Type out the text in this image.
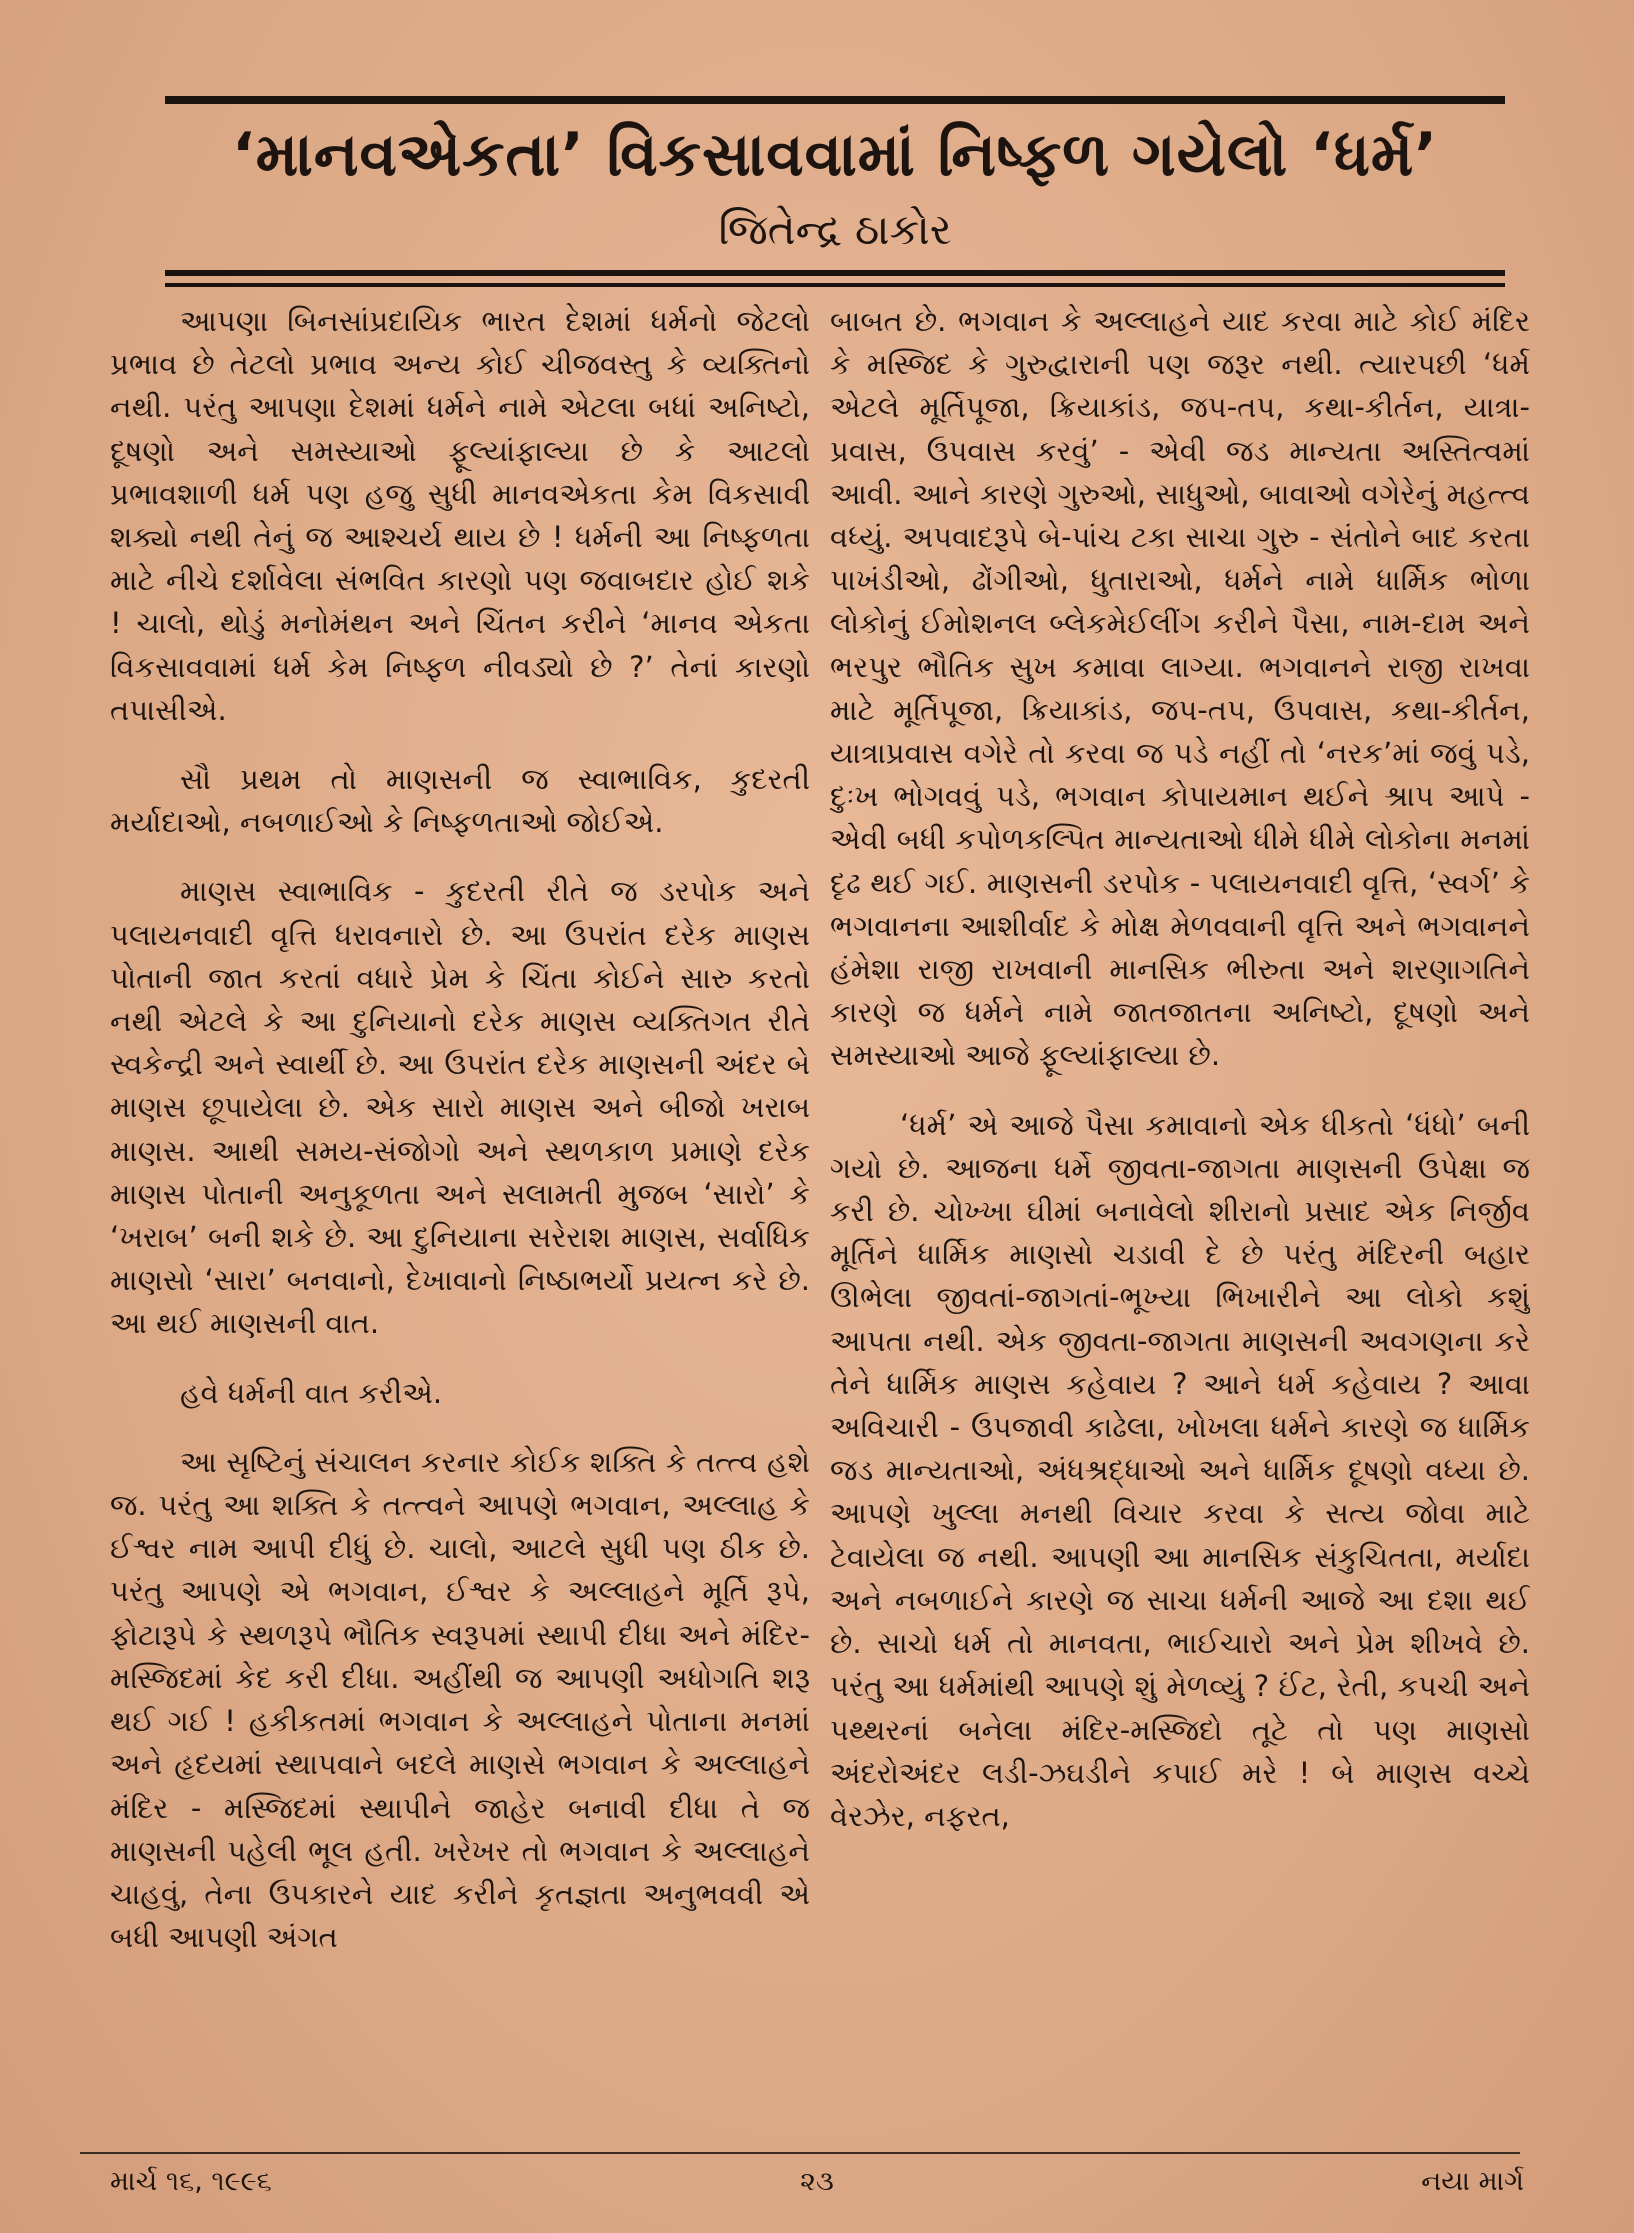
‘માનવએકતા’ વિકસાવવામાં નિષ્ફળ ગયેલો ‘ધર્મ’
જિતેન્દ્ર ઠાકોર

આપણા બિનસાંપ્રદાયિક ભારત દેશમાં ધર્મનો જેટલો પ્રભાવ છે તેટલો પ્રભાવ અન્ય કોઈ ચીજવસ્તુ કે વ્યક્તિનો નથી. પરંતુ આપણા દેશમાં ધર્મને નામે એટલા બધાં અનિષ્ટો, દૂષણો અને સમસ્યાઓ ફૂલ્યાંફાલ્યા છે કે આટલો પ્રભાવશાળી ધર્મ પણ હજુ સુધી માનવએકતા કેમ વિકસાવી શક્યો નથી તેનું જ આશ્ચર્ય થાય છે ! ધર્મની આ નિષ્ફળતા માટે નીચે દર્શાવેલા સંભવિત કારણો પણ જવાબદાર હોઈ શકે ! ચાલો, થોડું મનોમંથન અને ચિંતન કરીને ‘માનવ એકતા વિકસાવવામાં ધર્મ કેમ નિષ્ફળ નીવડ્યો છે ?’ તેનાં કારણો તપાસીએ.

સૌ પ્રથમ તો માણસની જ સ્વાભાવિક, કુદરતી મર્યાદાઓ, નબળાઈઓ કે નિષ્ફળતાઓ જોઈએ.

માણસ સ્વાભાવિક - કુદરતી રીતે જ ડરપોક અને પલાયનવાદી વૃત્તિ ધરાવનારો છે. આ ઉપરાંત દરેક માણસ પોતાની જાત કરતાં વધારે પ્રેમ કે ચિંતા કોઈને સારુ કરતો નથી એટલે કે આ દુનિયાનો દરેક માણસ વ્યક્તિગત રીતે સ્વકેન્દ્રી અને સ્વાર્થી છે. આ ઉપરાંત દરેક માણસની અંદર બે માણસ છૂપાયેલા છે. એક સારો માણસ અને બીજો ખરાબ માણસ. આથી સમય-સંજોગો અને સ્થળકાળ પ્રમાણે દરેક માણસ પોતાની અનુકૂળતા અને સલામતી મુજબ ‘સારો’ કે ‘ખરાબ’ બની શકે છે. આ દુનિયાના સરેરાશ માણસ, સર્વાધિક માણસો ‘સારા’ બનવાનો, દેખાવાનો નિષ્ઠાભર્યો પ્રયત્ન કરે છે. આ થઈ માણસની વાત.

હવે ધર્મની વાત કરીએ.

આ સૃષ્ટિનું સંચાલન કરનાર કોઈક શક્તિ કે તત્ત્વ હશે જ. પરંતુ આ શક્તિ કે તત્ત્વને આપણે ભગવાન, અલ્લાહ કે ઈશ્વર નામ આપી દીધું છે. ચાલો, આટલે સુધી પણ ઠીક છે. પરંતુ આપણે એ ભગવાન, ઈશ્વર કે અલ્લાહને મૂર્તિ રૂપે, ફોટારૂપે કે સ્થળરૂપે ભૌતિક સ્વરૂપમાં સ્થાપી દીધા અને મંદિર-મસ્જિદમાં કેદ કરી દીધા. અહીંથી જ આપણી અધોગતિ શરૂ થઈ ગઈ ! હકીકતમાં ભગવાન કે અલ્લાહને પોતાના મનમાં અને હૃદયમાં સ્થાપવાને બદલે માણસે ભગવાન કે અલ્લાહને મંદિર - મસ્જિદમાં સ્થાપીને જાહેર બનાવી દીધા તે જ માણસની પહેલી ભૂલ હતી. ખરેખર તો ભગવાન કે અલ્લાહને ચાહવું, તેના ઉપકારને યાદ કરીને કૃતજ્ઞતા અનુભવવી એ બધી આપણી અંગત

બાબત છે. ભગવાન કે અલ્લાહને યાદ કરવા માટે કોઈ મંદિર કે મસ્જિદ કે ગુરુદ્વારાની પણ જરૂર નથી. ત્યારપછી ‘ધર્મ એટલે મૂર્તિપૂજા, ક્રિયાકાંડ, જપ-તપ, કથા-કીર્તન, યાત્રા-પ્રવાસ, ઉપવાસ કરવું’ - એવી જડ માન્યતા અસ્તિત્વમાં આવી. આને કારણે ગુરુઓ, સાધુઓ, બાવાઓ વગેરેનું મહત્ત્વ વધ્યું. અપવાદરૂપે બે-પાંચ ટકા સાચા ગુરુ - સંતોને બાદ કરતા પાખંડીઓ, ઢોંગીઓ, ધુતારાઓ, ધર્મને નામે ધાર્મિક ભોળા લોકોનું ઈમોશનલ બ્લેકમેઈલીંગ કરીને પૈસા, નામ-દામ અને ભરપુર ભૌતિક સુખ કમાવા લાગ્યા. ભગવાનને રાજી રાખવા માટે મૂર્તિપૂજા, ક્રિયાકાંડ, જપ-તપ, ઉપવાસ, કથા-કીર્તન, યાત્રાપ્રવાસ વગેરે તો કરવા જ પડે નહીં તો ‘નરક’માં જવું પડે, દુઃખ ભોગવવું પડે, ભગવાન કોપાયમાન થઈને શ્રાપ આપે - એવી બધી કપોળકલ્પિત માન્યતાઓ ધીમે ધીમે લોકોના મનમાં દૃઢ થઈ ગઈ. માણસની ડરપોક - પલાયનવાદી વૃત્તિ, ‘સ્વર્ગ’ કે ભગવાનના આશીર્વાદ કે મોક્ષ મેળવવાની વૃત્તિ અને ભગવાનને હંમેશા રાજી રાખવાની માનસિક ભીરુતા અને શરણાગતિને કારણે જ ધર્મને નામે જાતજાતના અનિષ્ટો, દૂષણો અને સમસ્યાઓ આજે ફૂલ્યાંફાલ્યા છે.

‘ધર્મ’ એ આજે પૈસા કમાવાનો એક ધીકતો ‘ધંધો’ બની ગયો છે. આજના ધર્મે જીવતા-જાગતા માણસની ઉપેક્ષા જ કરી છે. ચોખ્ખા ઘીમાં બનાવેલો શીરાનો પ્રસાદ એક નિર્જીવ મૂર્તિને ધાર્મિક માણસો ચડાવી દે છે પરંતુ મંદિરની બહાર ઊભેલા જીવતાં-જાગતાં-ભૂખ્યા ભિખારીને આ લોકો કશું આપતા નથી. એક જીવતા-જાગતા માણસની અવગણના કરે તેને ધાર્મિક માણસ કહેવાય ? આને ધર્મ કહેવાય ? આવા અવિચારી - ઉપજાવી કાઢેલા, ખોખલા ધર્મને કારણે જ ધાર્મિક જડ માન્યતાઓ, અંધશ્રદ્ધાઓ અને ધાર્મિક દૂષણો વધ્યા છે. આપણે ખુલ્લા મનથી વિચાર કરવા કે સત્ય જોવા માટે ટેવાયેલા જ નથી. આપણી આ માનસિક સંકુચિતતા, મર્યાદા અને નબળાઈને કારણે જ સાચા ધર્મની આજે આ દશા થઈ છે. સાચો ધર્મ તો માનવતા, ભાઈચારો અને પ્રેમ શીખવે છે. પરંતુ આ ધર્મમાંથી આપણે શું મેળવ્યું ? ઈંટ, રેતી, કપચી અને પથ્થરનાં બનેલા મંદિર-મસ્જિદો તૂટે તો પણ માણસો અંદરોઅંદર લડી-ઝઘડીને કપાઈ મરે ! બે માણસ વચ્ચે વેરઝેર, નફરત,

માર્ચ ૧૬, ૧૯૯૬	૨૩	નયા માર્ગ
